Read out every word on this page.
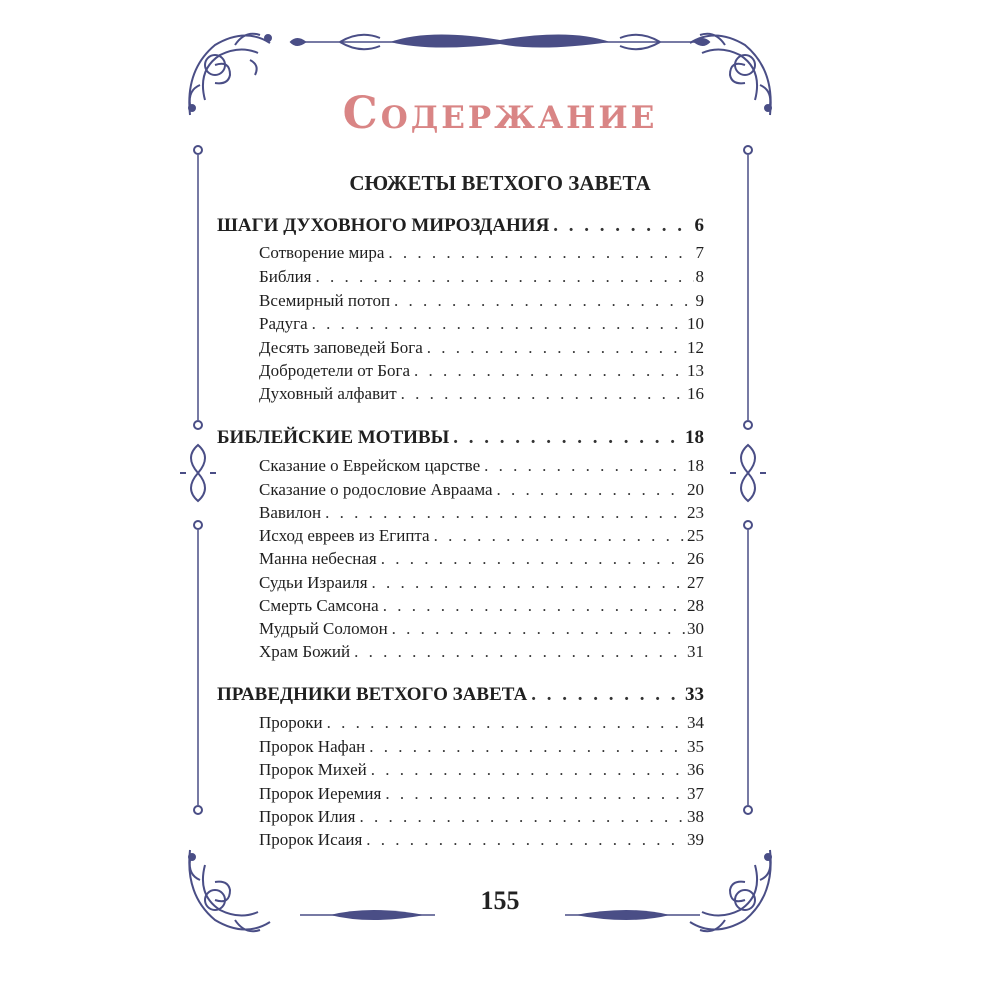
Содержание
СЮЖЕТЫ ВЕТХОГО ЗАВЕТА
ШАГИ ДУХОВНОГО МИРОЗДАНИЯ . . .	6
Сотворение мира . . .	7
Библия . . .	8
Всемирный потоп . . .	9
Радуга . . .	10
Десять заповедей Бога . . .	12
Добродетели от Бога . . .	13
Духовный алфавит . . .	16
БИБЛЕЙСКИЕ МОТИВЫ . . .	18
Сказание о Еврейском царстве . . .	18
Сказание о родословие Авраама . . .	20
Вавилон . . .	23
Исход евреев из Египта . . .	25
Манна небесная . . .	26
Судьи Израиля . . .	27
Смерть Самсона . . .	28
Мудрый Соломон . . .	30
Храм Божий . . .	31
ПРАВЕДНИКИ ВЕТХОГО ЗАВЕТА . . .	33
Пророки . . .	34
Пророк Нафан . . .	35
Пророк Михей . . .	36
Пророк Иеремия . . .	37
Пророк Илия . . .	38
Пророк Исаия . . .	39
155
